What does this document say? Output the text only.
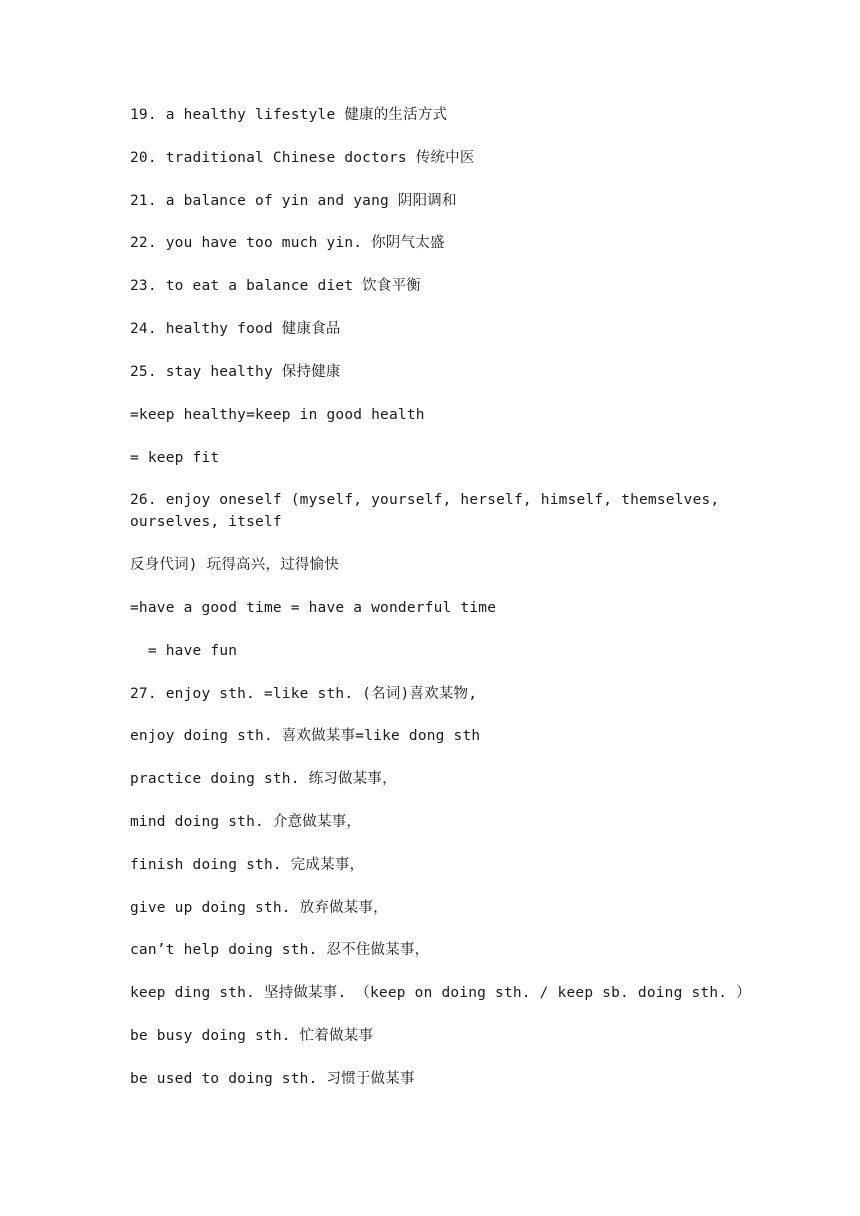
19. a healthy lifestyle 健康的生活方式

20. traditional Chinese doctors 传统中医

21. a balance of yin and yang 阴阳调和

22. you have too much yin. 你阴气太盛

23. to eat a balance diet 饮食平衡

24. healthy food 健康食品

25. stay healthy 保持健康

=keep healthy=keep in good health

= keep fit

26. enjoy oneself (myself, yourself, herself, himself, themselves, ourselves, itself

反身代词) 玩得高兴，过得愉快

=have a good time = have a wonderful time

= have fun

27. enjoy sth. =like sth. (名词)喜欢某物,

enjoy doing sth. 喜欢做某事=like dong sth

practice doing sth. 练习做某事，

mind doing sth. 介意做某事，

finish doing sth. 完成某事，

give up doing sth. 放弃做某事，

can’t help doing sth. 忍不住做某事，

keep ding sth. 坚持做某事. （keep on doing sth. / keep sb. doing sth. ）

be busy doing sth. 忙着做某事

be used to doing sth. 习惯于做某事
